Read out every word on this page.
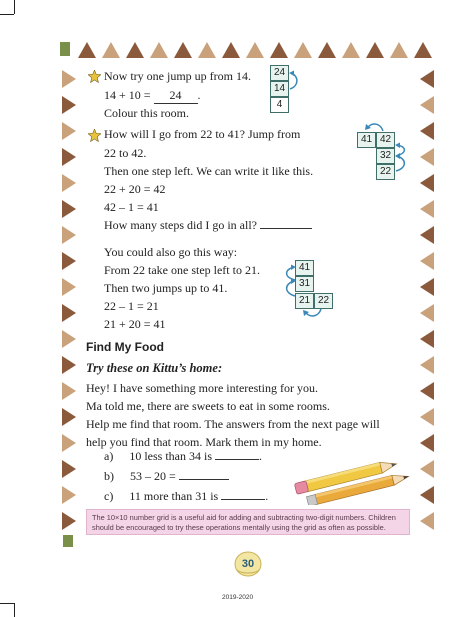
Now try one jump up from 14.
14 + 10 = 24 .
Colour this room.
24
14
4
How will I go from 22 to 41? Jump from
22 to 42.
Then one step left. We can write it like this.
22 + 20 = 42
42 – 1 = 41
How many steps did I go in all?
41 42
32
22
You could also go this way:
From 22 take one step left to 21.
Then two jumps up to 41.
22 – 1 = 21
21 + 20 = 41
41
31
21 22
Find My Food
Try these on Kittu’s home:
Hey! I have something more interesting for you.
Ma told me, there are sweets to eat in some rooms.
Help me find that room. The answers from the next page will
help you find that room. Mark them in my home.
a) 10 less than 34 is	.
b) 53 – 20 =
c) 11 more than 31 is	.
The 10×10 number grid is a useful aid for adding and subtracting two-digit numbers. Children should be encouraged to try these operations mentally using the grid as often as possible.
30
2019-2020
